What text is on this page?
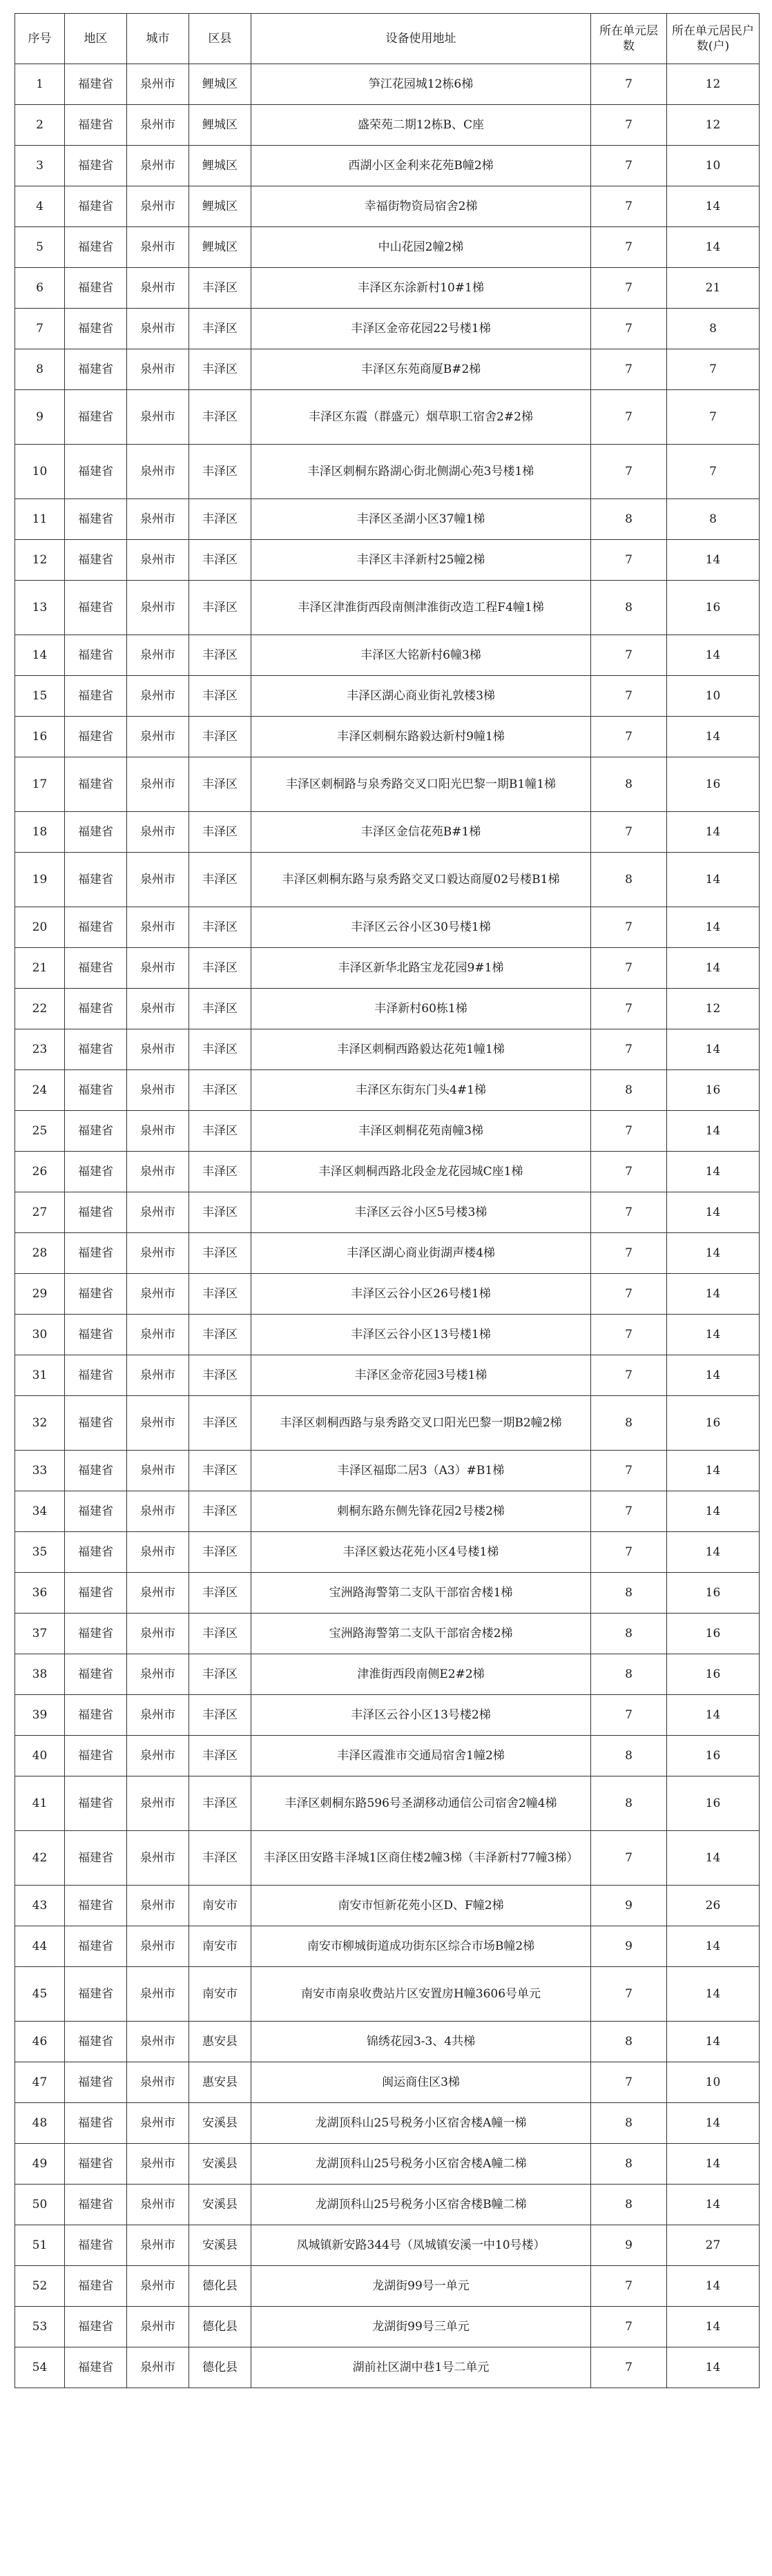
序号	地区	城市	区县	设备使用地址	所在单元层数	所在单元居民户数(户)
1	福建省	泉州市	鲤城区	笋江花园城12栋6梯	7	12
2	福建省	泉州市	鲤城区	盛荣苑二期12栋B、C座	7	12
3	福建省	泉州市	鲤城区	西湖小区金利来花苑B幢2梯	7	10
4	福建省	泉州市	鲤城区	幸福街物资局宿舍2梯	7	14
5	福建省	泉州市	鲤城区	中山花园2幢2梯	7	14
6	福建省	泉州市	丰泽区	丰泽区东涂新村10#1梯	7	21
7	福建省	泉州市	丰泽区	丰泽区金帝花园22号楼1梯	7	8
8	福建省	泉州市	丰泽区	丰泽区东苑商厦B#2梯	7	7
9	福建省	泉州市	丰泽区	丰泽区东霞（群盛元）烟草职工宿舍2#2梯	7	7
10	福建省	泉州市	丰泽区	丰泽区刺桐东路湖心街北侧湖心苑3号楼1梯	7	7
11	福建省	泉州市	丰泽区	丰泽区圣湖小区37幢1梯	8	8
12	福建省	泉州市	丰泽区	丰泽区丰泽新村25幢2梯	7	14
13	福建省	泉州市	丰泽区	丰泽区津淮街西段南侧津淮街改造工程F4幢1梯	8	16
14	福建省	泉州市	丰泽区	丰泽区大铭新村6幢3梯	7	14
15	福建省	泉州市	丰泽区	丰泽区湖心商业街礼敦楼3梯	7	10
16	福建省	泉州市	丰泽区	丰泽区刺桐东路毅达新村9幢1梯	7	14
17	福建省	泉州市	丰泽区	丰泽区刺桐路与泉秀路交叉口阳光巴黎一期B1幢1梯	8	16
18	福建省	泉州市	丰泽区	丰泽区金信花苑B#1梯	7	14
19	福建省	泉州市	丰泽区	丰泽区刺桐东路与泉秀路交叉口毅达商厦02号楼B1梯	8	14
20	福建省	泉州市	丰泽区	丰泽区云谷小区30号楼1梯	7	14
21	福建省	泉州市	丰泽区	丰泽区新华北路宝龙花园9#1梯	7	14
22	福建省	泉州市	丰泽区	丰泽新村60栋1梯	7	12
23	福建省	泉州市	丰泽区	丰泽区刺桐西路毅达花苑1幢1梯	7	14
24	福建省	泉州市	丰泽区	丰泽区东街东门头4#1梯	8	16
25	福建省	泉州市	丰泽区	丰泽区刺桐花苑南幢3梯	7	14
26	福建省	泉州市	丰泽区	丰泽区刺桐西路北段金龙花园城C座1梯	7	14
27	福建省	泉州市	丰泽区	丰泽区云谷小区5号楼3梯	7	14
28	福建省	泉州市	丰泽区	丰泽区湖心商业街湖声楼4梯	7	14
29	福建省	泉州市	丰泽区	丰泽区云谷小区26号楼1梯	7	14
30	福建省	泉州市	丰泽区	丰泽区云谷小区13号楼1梯	7	14
31	福建省	泉州市	丰泽区	丰泽区金帝花园3号楼1梯	7	14
32	福建省	泉州市	丰泽区	丰泽区刺桐西路与泉秀路交叉口阳光巴黎一期B2幢2梯	8	16
33	福建省	泉州市	丰泽区	丰泽区福邸二居3（A3）#B1梯	7	14
34	福建省	泉州市	丰泽区	刺桐东路东侧先锋花园2号楼2梯	7	14
35	福建省	泉州市	丰泽区	丰泽区毅达花苑小区4号楼1梯	7	14
36	福建省	泉州市	丰泽区	宝洲路海警第二支队干部宿舍楼1梯	8	16
37	福建省	泉州市	丰泽区	宝洲路海警第二支队干部宿舍楼2梯	8	16
38	福建省	泉州市	丰泽区	津淮街西段南侧E2#2梯	8	16
39	福建省	泉州市	丰泽区	丰泽区云谷小区13号楼2梯	7	14
40	福建省	泉州市	丰泽区	丰泽区霞淮市交通局宿舍1幢2梯	8	16
41	福建省	泉州市	丰泽区	丰泽区刺桐东路596号圣湖移动通信公司宿舍2幢4梯	8	16
42	福建省	泉州市	丰泽区	丰泽区田安路丰泽城1区商住楼2幢3梯（丰泽新村77幢3梯）	7	14
43	福建省	泉州市	南安市	南安市恒新花苑小区D、F幢2梯	9	26
44	福建省	泉州市	南安市	南安市柳城街道成功街东区综合市场B幢2梯	9	14
45	福建省	泉州市	南安市	南安市南泉收费站片区安置房H幢3606号单元	7	14
46	福建省	泉州市	惠安县	锦绣花园3-3、4共梯	8	14
47	福建省	泉州市	惠安县	闽运商住区3梯	7	10
48	福建省	泉州市	安溪县	龙湖顶科山25号税务小区宿舍楼A幢一梯	8	14
49	福建省	泉州市	安溪县	龙湖顶科山25号税务小区宿舍楼A幢二梯	8	14
50	福建省	泉州市	安溪县	龙湖顶科山25号税务小区宿舍楼B幢二梯	8	14
51	福建省	泉州市	安溪县	凤城镇新安路344号（凤城镇安溪一中10号楼）	9	27
52	福建省	泉州市	德化县	龙湖街99号一单元	7	14
53	福建省	泉州市	德化县	龙湖街99号三单元	7	14
54	福建省	泉州市	德化县	湖前社区湖中巷1号二单元	7	14
